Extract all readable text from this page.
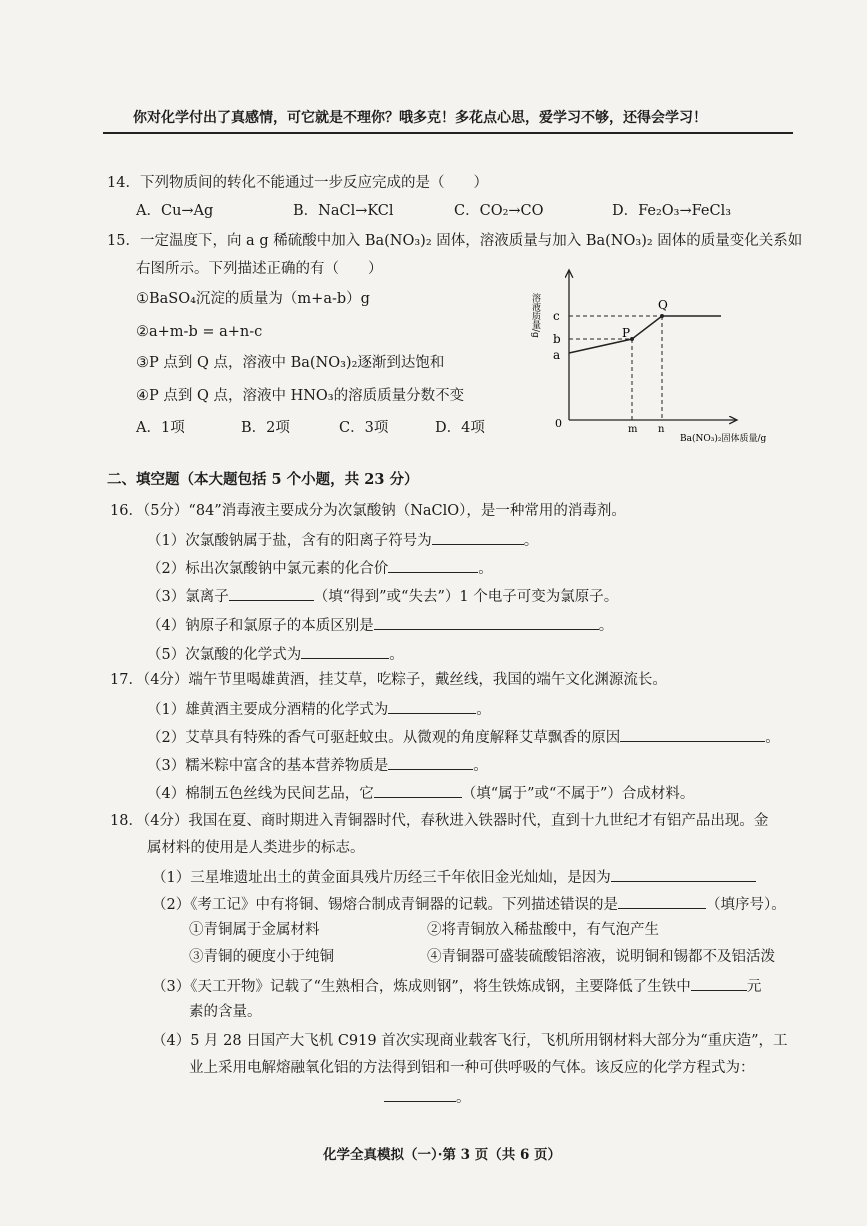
你对化学付出了真感情，可它就是不理你？哦多克！多花点心思，爱学习不够，还得会学习！
14．下列物质间的转化不能通过一步反应完成的是（　　）
A．Cu→Ag	B．NaCl→KCl	C．CO₂→CO	D．Fe₂O₃→FeCl₃
15．一定温度下，向 a g 稀硫酸中加入 Ba(NO₃)₂ 固体，溶液质量与加入 Ba(NO₃)₂ 固体的质量变化关系如
右图所示。下列描述正确的有（　　）
①BaSO₄沉淀的质量为（m+a-b）g
②a+m-b = a+n-c
③P 点到 Q 点，溶液中 Ba(NO₃)₂逐渐到达饱和
④P 点到 Q 点，溶液中 HNO₃的溶质质量分数不变
A．1项	B．2项	C．3项	D．4项
溶液质量/g c
b
a
0	m n
P
Q
Ba(NO₃)₂固体质量/g
二、填空题（本大题包括 5 个小题，共 23 分）
16．（5分）“84”消毒液主要成分为次氯酸钠（NaClO），是一种常用的消毒剂。
（1）次氯酸钠属于盐，含有的阳离子符号为	。
（2）标出次氯酸钠中氯元素的化合价	。
（3）氯离子	（填“得到”或“失去”）1 个电子可变为氯原子。
（4）钠原子和氯原子的本质区别是	。
（5）次氯酸的化学式为	。
17．（4分）端午节里喝雄黄酒，挂艾草，吃粽子，戴丝线，我国的端午文化渊源流长。
（1）雄黄酒主要成分酒精的化学式为	。
（2）艾草具有特殊的香气可驱赶蚊虫。从微观的角度解释艾草飘香的原因	。
（3）糯米粽中富含的基本营养物质是	。
（4）棉制五色丝线为民间艺品，它	（填“属于”或“不属于”）合成材料。
18．（4分）我国在夏、商时期进入青铜器时代，春秋进入铁器时代，直到十九世纪才有铝产品出现。金
属材料的使用是人类进步的标志。
（1）三星堆遗址出土的黄金面具残片历经三千年依旧金光灿灿，是因为
（2）《考工记》中有将铜、锡熔合制成青铜器的记载。下列描述错误的是	（填序号）。
①青铜属于金属材料	②将青铜放入稀盐酸中，有气泡产生
③青铜的硬度小于纯铜	④青铜器可盛装硫酸铝溶液，说明铜和锡都不及铝活泼
（3）《天工开物》记载了“生熟相合，炼成则钢”，将生铁炼成钢，主要降低了生铁中	元
素的含量。
（4）5 月 28 日国产大飞机 C919 首次实现商业载客飞行，飞机所用钢材料大部分为“重庆造”，工
业上采用电解熔融氧化铝的方法得到铝和一种可供呼吸的气体。该反应的化学方程式为：
。
化学全真模拟（一）·第 3 页（共 6 页）
